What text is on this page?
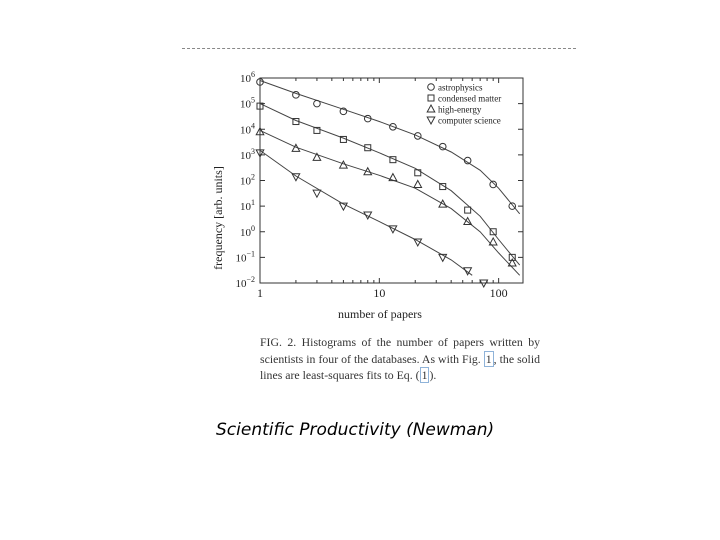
1	10	100
$10^{-2}$
$10^{-1}$
$10^0$
$10^1$
$10^2$
$10^3$
$10^4$
$10^5$
$10^6$
astrophysics
condensed matter
high-energy
computer science
number of papers
frequency [arb. units]
FIG. 2. Histograms of the number of papers written by scientists in four of the databases. As with Fig. 1 , the solid lines are least-squares fits to Eq. ( 1 ).
Scientific Productivity (Newman)
